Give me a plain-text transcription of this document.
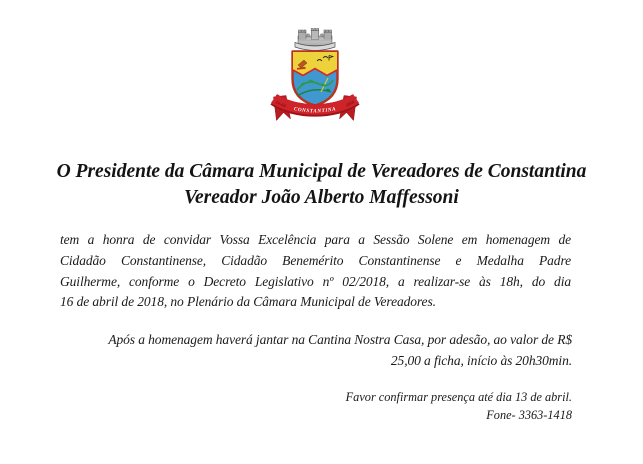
14-04
CONSTANTINA
1959
O Presidente da Câmara Municipal de Vereadores de Constantina
Vereador João Alberto Maffessoni
tem a honra de convidar Vossa Excelência para a Sessão Solene em homenagem de
Cidadão Constantinense, Cidadão Benemérito Constantinense e Medalha Padre
Guilherme, conforme o Decreto Legislativo nº 02/2018, a realizar-se às 18h, do dia
16 de abril de 2018, no Plenário da Câmara Municipal de Vereadores.
Após a homenagem haverá jantar na Cantina Nostra Casa, por adesão, ao valor de R$
25,00 a ficha, início às 20h30min.
Favor confirmar presença até dia 13 de abril.
Fone- 3363-1418
